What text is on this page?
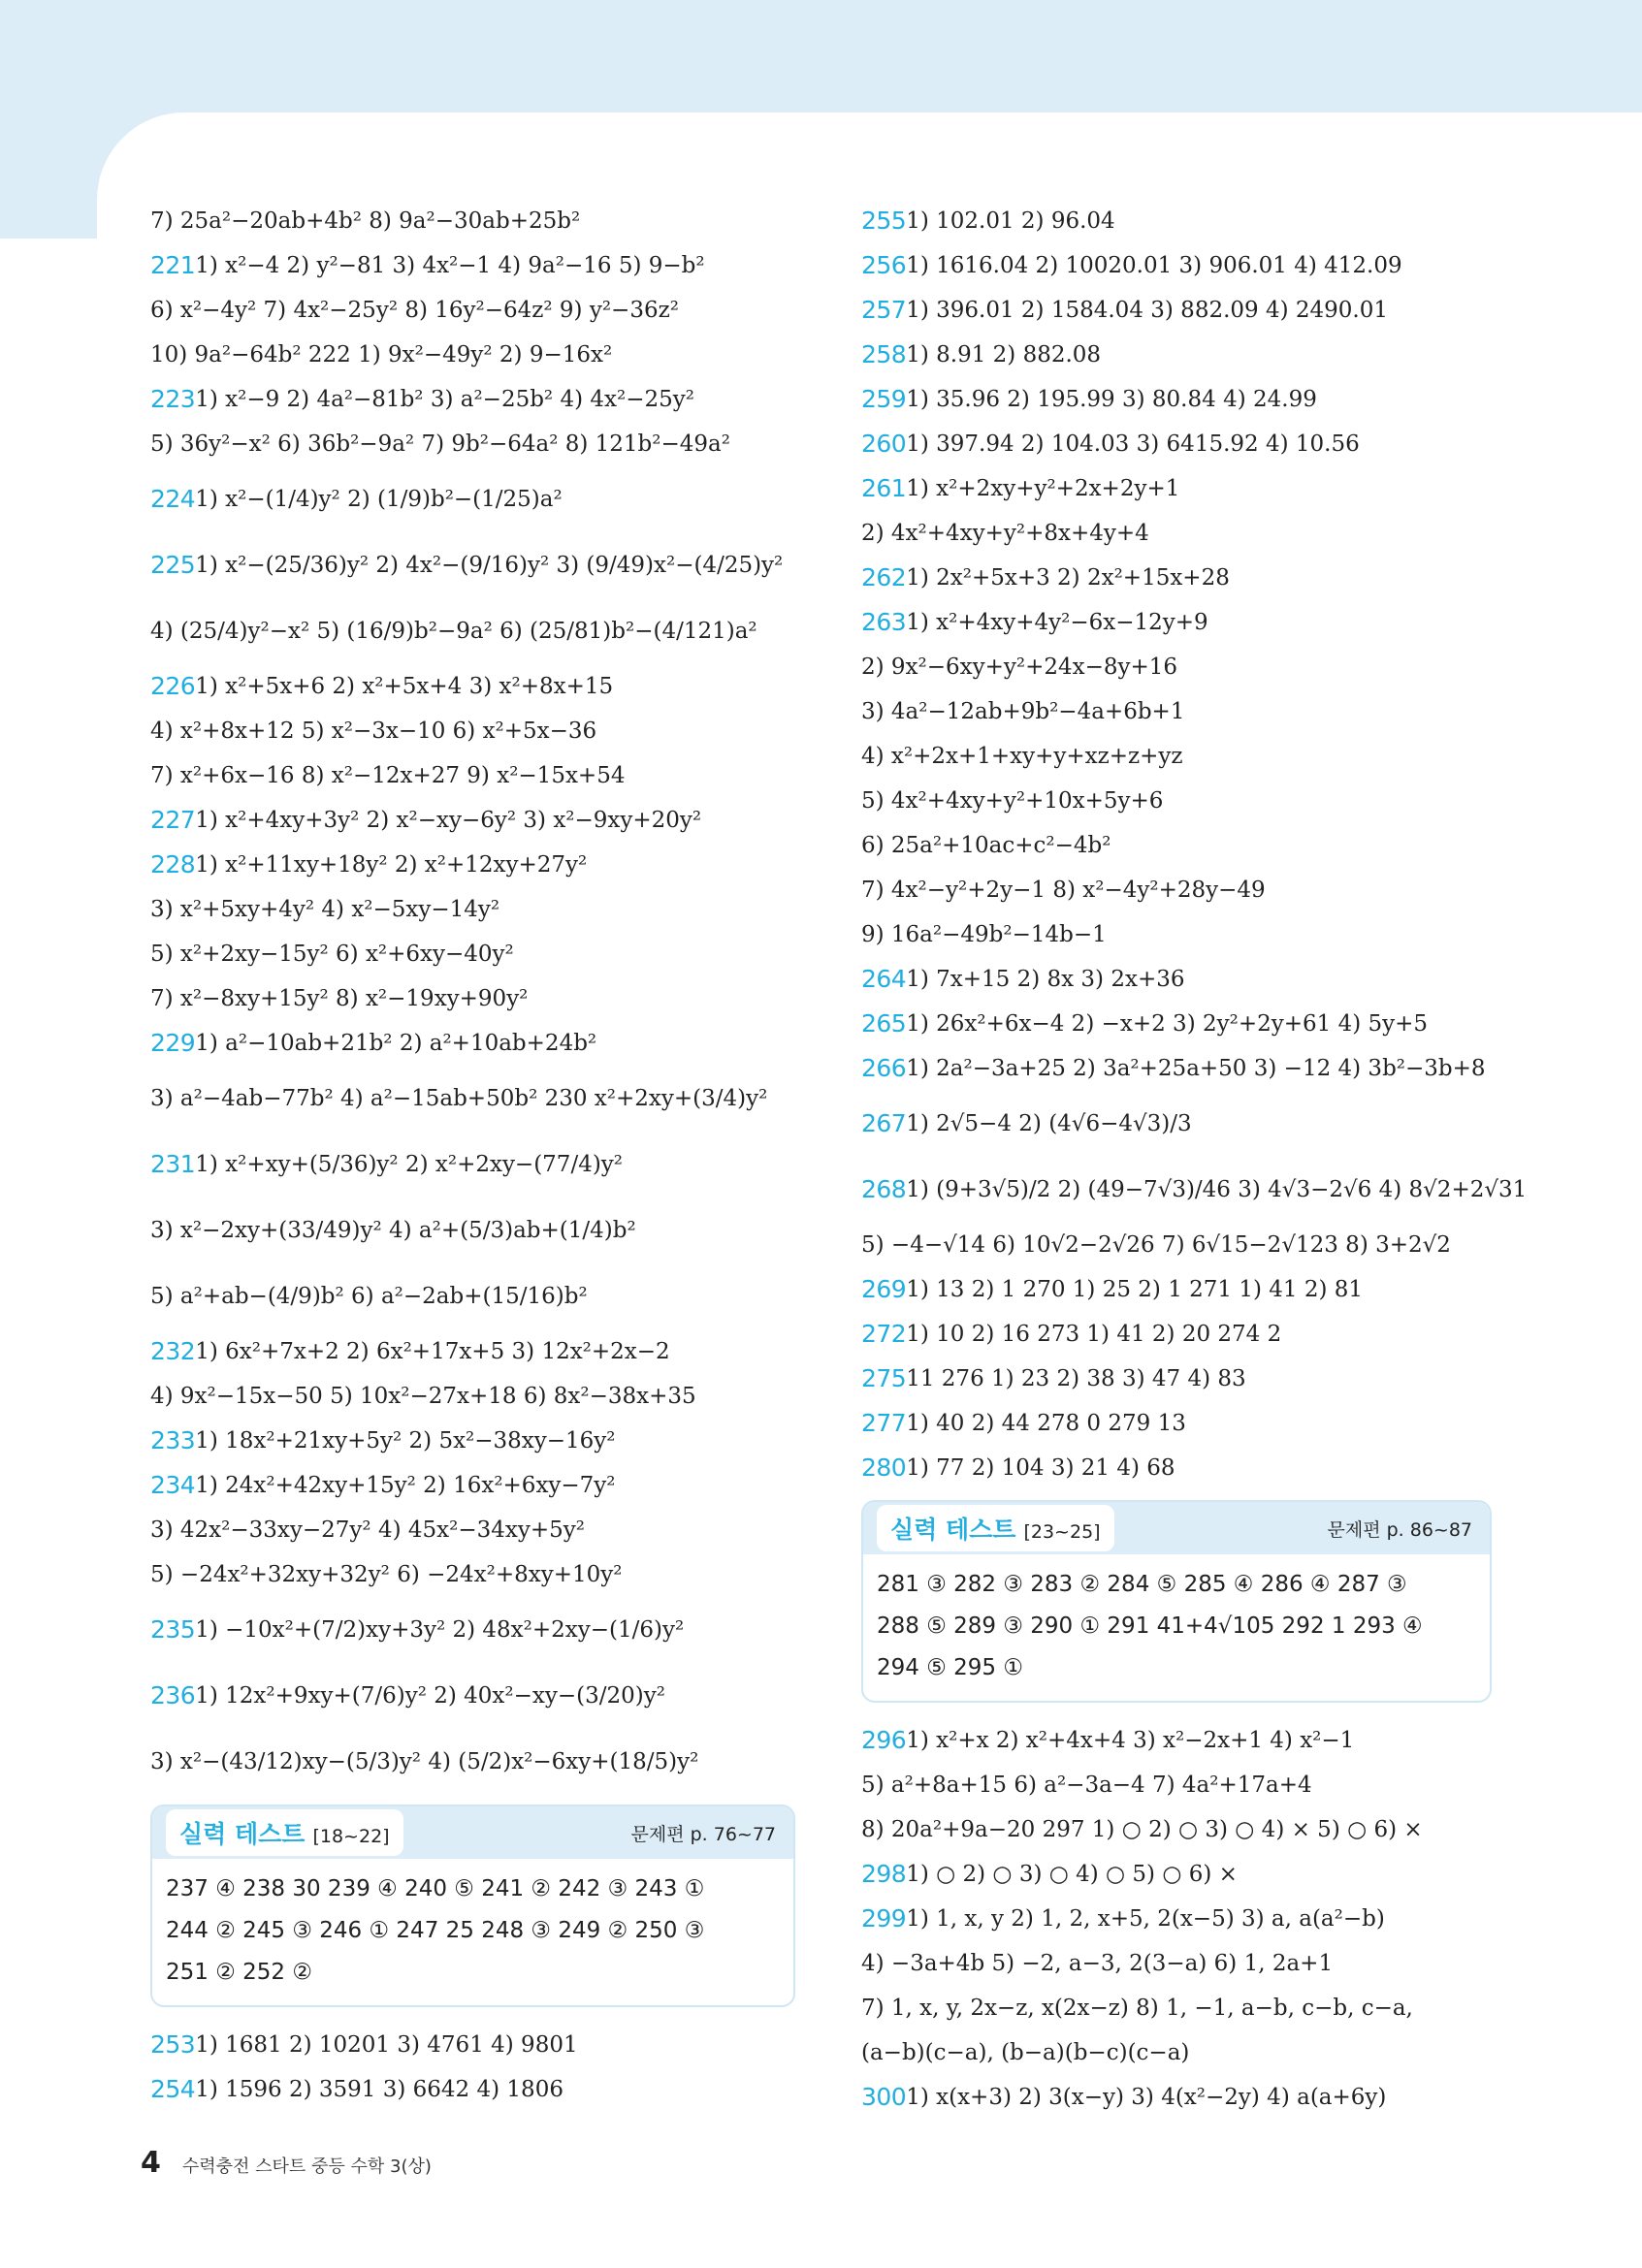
7) 25a²−20ab+4b² 8) 9a²−30ab+25b²
221 1) x²−4 2) y²−81 3) 4x²−1 4) 9a²−16 5) 9−b²
6) x²−4y² 7) 4x²−25y² 8) 16y²−64z² 9) y²−36z²
10) 9a²−64b² 222 1) 9x²−49y² 2) 9−16x²
223 1) x²−9 2) 4a²−81b² 3) a²−25b² 4) 4x²−25y²
5) 36y²−x² 6) 36b²−9a² 7) 9b²−64a² 8) 121b²−49a²
224 1) x²−(1/4)y² 2) (1/9)b²−(1/25)a²
225 1) x²−(25/36)y² 2) 4x²−(9/16)y² 3) (9/49)x²−(4/25)y²
4) (25/4)y²−x² 5) (16/9)b²−9a² 6) (25/81)b²−(4/121)a²
226 1) x²+5x+6 2) x²+5x+4 3) x²+8x+15
4) x²+8x+12 5) x²−3x−10 6) x²+5x−36
7) x²+6x−16 8) x²−12x+27 9) x²−15x+54
227 1) x²+4xy+3y² 2) x²−xy−6y² 3) x²−9xy+20y²
228 1) x²+11xy+18y² 2) x²+12xy+27y²
3) x²+5xy+4y² 4) x²−5xy−14y²
5) x²+2xy−15y² 6) x²+6xy−40y²
7) x²−8xy+15y² 8) x²−19xy+90y²
229 1) a²−10ab+21b² 2) a²+10ab+24b²
3) a²−4ab−77b² 4) a²−15ab+50b² 230 x²+2xy+(3/4)y²
231 1) x²+xy+(5/36)y² 2) x²+2xy−(77/4)y²
3) x²−2xy+(33/49)y² 4) a²+(5/3)ab+(1/4)b²
5) a²+ab−(4/9)b² 6) a²−2ab+(15/16)b²
232 1) 6x²+7x+2 2) 6x²+17x+5 3) 12x²+2x−2
4) 9x²−15x−50 5) 10x²−27x+18 6) 8x²−38x+35
233 1) 18x²+21xy+5y² 2) 5x²−38xy−16y²
234 1) 24x²+42xy+15y² 2) 16x²+6xy−7y²
3) 42x²−33xy−27y² 4) 45x²−34xy+5y²
5) −24x²+32xy+32y² 6) −24x²+8xy+10y²
235 1) −10x²+(7/2)xy+3y² 2) 48x²+2xy−(1/6)y²
236 1) 12x²+9xy+(7/6)y² 2) 40x²−xy−(3/20)y²
3) x²−(43/12)xy−(5/3)y² 4) (5/2)x²−6xy+(18/5)y²
실력 테스트 [18~22]	문제편 p. 76~77
237 ④ 238 30 239 ④ 240 ⑤ 241 ② 242 ③ 243 ①
244 ② 245 ③ 246 ① 247 25 248 ③ 249 ② 250 ③
251 ② 252 ②
253 1) 1681 2) 10201 3) 4761 4) 9801
254 1) 1596 2) 3591 3) 6642 4) 1806
255 1) 102.01 2) 96.04
256 1) 1616.04 2) 10020.01 3) 906.01 4) 412.09
257 1) 396.01 2) 1584.04 3) 882.09 4) 2490.01
258 1) 8.91 2) 882.08
259 1) 35.96 2) 195.99 3) 80.84 4) 24.99
260 1) 397.94 2) 104.03 3) 6415.92 4) 10.56
261 1) x²+2xy+y²+2x+2y+1
2) 4x²+4xy+y²+8x+4y+4
262 1) 2x²+5x+3 2) 2x²+15x+28
263 1) x²+4xy+4y²−6x−12y+9
2) 9x²−6xy+y²+24x−8y+16
3) 4a²−12ab+9b²−4a+6b+1
4) x²+2x+1+xy+y+xz+z+yz
5) 4x²+4xy+y²+10x+5y+6
6) 25a²+10ac+c²−4b²
7) 4x²−y²+2y−1 8) x²−4y²+28y−49
9) 16a²−49b²−14b−1
264 1) 7x+15 2) 8x 3) 2x+36
265 1) 26x²+6x−4 2) −x+2 3) 2y²+2y+61 4) 5y+5
266 1) 2a²−3a+25 2) 3a²+25a+50 3) −12 4) 3b²−3b+8
267 1) 2√5−4 2) (4√6−4√3)/3
268 1) (9+3√5)/2 2) (49−7√3)/46 3) 4√3−2√6 4) 8√2+2√31
5) −4−√14 6) 10√2−2√26 7) 6√15−2√123 8) 3+2√2
269 1) 13 2) 1 270 1) 25 2) 1 271 1) 41 2) 81
272 1) 10 2) 16 273 1) 41 2) 20 274 2
275 11 276 1) 23 2) 38 3) 47 4) 83
277 1) 40 2) 44 278 0 279 13
280 1) 77 2) 104 3) 21 4) 68
실력 테스트 [23~25]	문제편 p. 86~87
281 ③ 282 ③ 283 ② 284 ⑤ 285 ④ 286 ④ 287 ③
288 ⑤ 289 ③ 290 ① 291 41+4√105 292 1 293 ④
294 ⑤ 295 ①
296 1) x²+x 2) x²+4x+4 3) x²−2x+1 4) x²−1
5) a²+8a+15 6) a²−3a−4 7) 4a²+17a+4
8) 20a²+9a−20 297 1) ○ 2) ○ 3) ○ 4) × 5) ○ 6) ×
298 1) ○ 2) ○ 3) ○ 4) ○ 5) ○ 6) ×
299 1) 1, x, y 2) 1, 2, x+5, 2(x−5) 3) a, a(a²−b)
4) −3a+4b 5) −2, a−3, 2(3−a) 6) 1, 2a+1
7) 1, x, y, 2x−z, x(2x−z) 8) 1, −1, a−b, c−b, c−a,
(a−b)(c−a), (b−a)(b−c)(c−a)
300 1) x(x+3) 2) 3(x−y) 3) 4(x²−2y) 4) a(a+6y)
4 수력충전 스타트 중등 수학 3(상)
